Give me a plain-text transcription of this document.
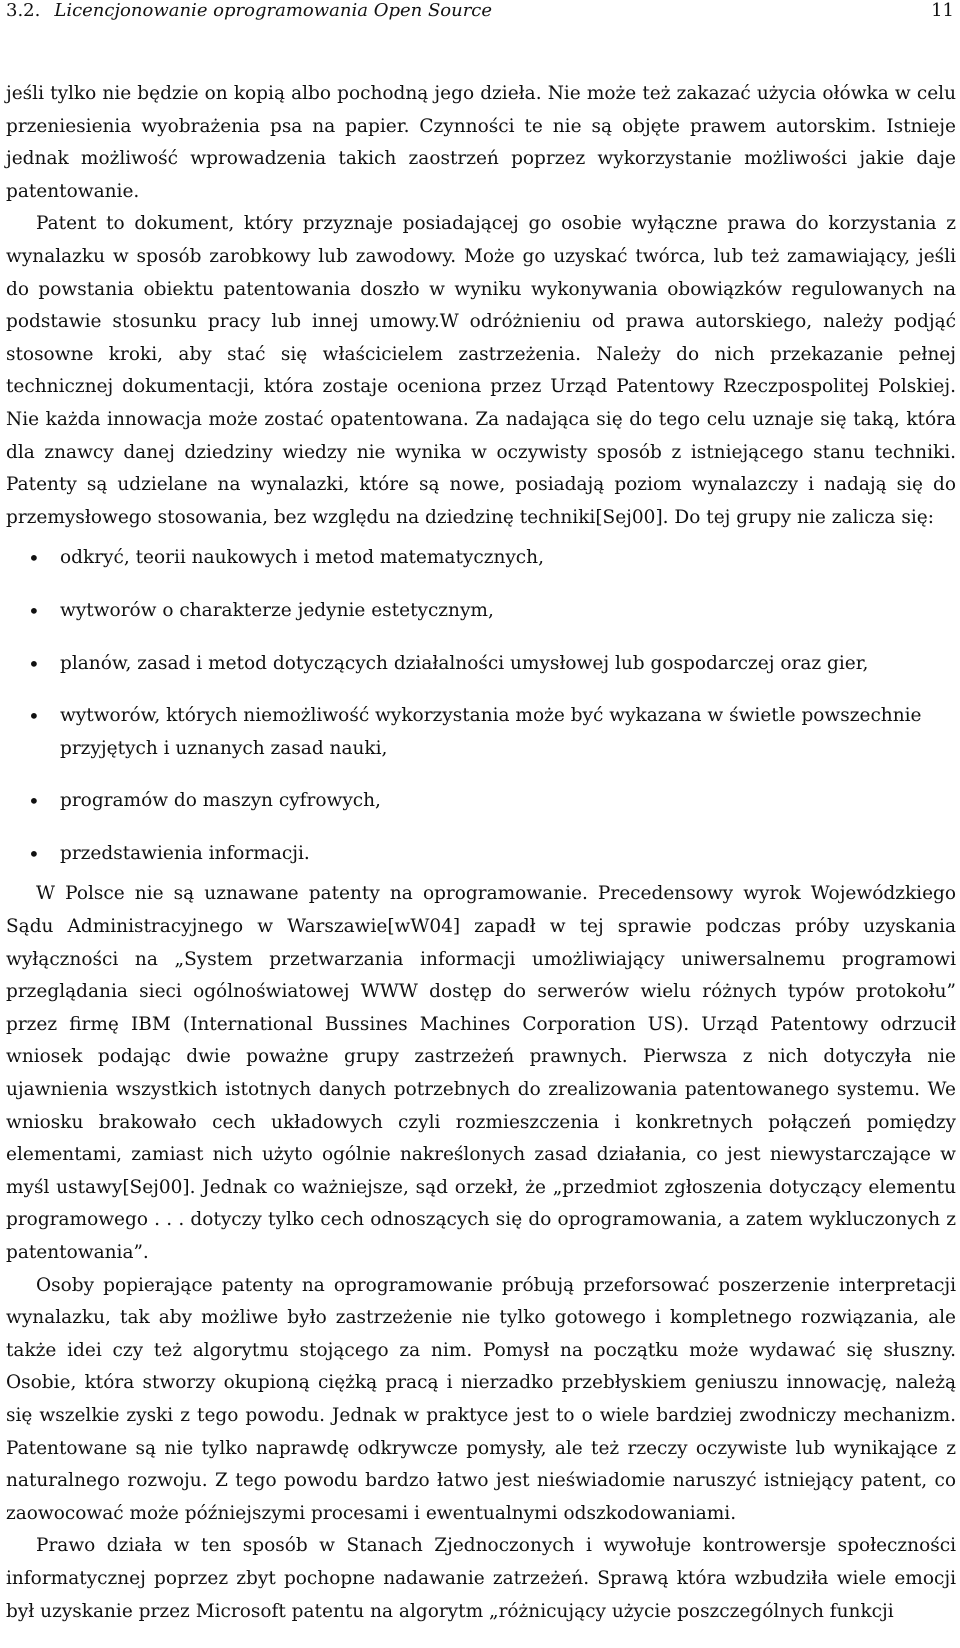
3.2. Licencjonowanie oprogramowania Open Source	11

jeśli tylko nie będzie on kopią albo pochodną jego dzieła. Nie może też zakazać użycia ołówka w celu przeniesienia wyobrażenia psa na papier. Czynności te nie są objęte prawem autorskim. Istnieje jednak możliwość wprowadzenia takich zaostrzeń poprzez wykorzystanie możliwości jakie daje patentowanie.

Patent to dokument, który przyznaje posiadającej go osobie wyłączne prawa do korzystania z wynalazku w sposób zarobkowy lub zawodowy. Może go uzyskać twórca, lub też zamawiający, jeśli do powstania obiektu patentowania doszło w wyniku wykonywania obowiązków regulowanych na podstawie stosunku pracy lub innej umowy.W odróżnieniu od prawa autorskiego, należy podjąć stosowne kroki, aby stać się właścicielem zastrzeżenia. Należy do nich przekazanie pełnej technicznej dokumentacji, która zostaje oceniona przez Urząd Patentowy Rzeczpospolitej Polskiej. Nie każda innowacja może zostać opatentowana. Za nadająca się do tego celu uznaje się taką, która dla znawcy danej dziedziny wiedzy nie wynika w oczywisty sposób z istniejącego stanu techniki. Patenty są udzielane na wynalazki, które są nowe, posiadają poziom wynalazczy i nadają się do przemysłowego stosowania, bez względu na dziedzinę techniki[Sej00]. Do tej grupy nie zalicza się:

• odkryć, teorii naukowych i metod matematycznych,
• wytworów o charakterze jedynie estetycznym,
• planów, zasad i metod dotyczących działalności umysłowej lub gospodarczej oraz gier,
• wytworów, których niemożliwość wykorzystania może być wykazana w świetle powszechnie przyjętych i uznanych zasad nauki,
• programów do maszyn cyfrowych,
• przedstawienia informacji.

W Polsce nie są uznawane patenty na oprogramowanie. Precedensowy wyrok Wojewódzkiego Sądu Administracyjnego w Warszawie[wW04] zapadł w tej sprawie podczas próby uzyskania wyłączności na „System przetwarzania informacji umożliwiający uniwersalnemu programowi przeglądania sieci ogólnoświatowej WWW dostęp do serwerów wielu różnych typów protokołu” przez firmę IBM (International Bussines Machines Corporation US). Urząd Patentowy odrzucił wniosek podając dwie poważne grupy zastrzeżeń prawnych. Pierwsza z nich dotyczyła nie ujawnienia wszystkich istotnych danych potrzebnych do zrealizowania patentowanego systemu. We wniosku brakowało cech układowych czyli rozmieszczenia i konkretnych połączeń pomiędzy elementami, zamiast nich użyto ogólnie nakreślonych zasad działania, co jest niewystarczające w myśl ustawy[Sej00]. Jednak co ważniejsze, sąd orzekł, że „przedmiot zgłoszenia dotyczący elementu programowego . . . dotyczy tylko cech odnoszących się do oprogramowania, a zatem wykluczonych z patentowania”.

Osoby popierające patenty na oprogramowanie próbują przeforsować poszerzenie interpretacji wynalazku, tak aby możliwe było zastrzeżenie nie tylko gotowego i kompletnego rozwiązania, ale także idei czy też algorytmu stojącego za nim. Pomysł na początku może wydawać się słuszny. Osobie, która stworzy okupioną ciężką pracą i nierzadko przebłyskiem geniuszu innowację, należą się wszelkie zyski z tego powodu. Jednak w praktyce jest to o wiele bardziej zwodniczy mechanizm. Patentowane są nie tylko naprawdę odkrywcze pomysły, ale też rzeczy oczywiste lub wynikające z naturalnego rozwoju. Z tego powodu bardzo łatwo jest nieświadomie naruszyć istniejący patent, co zaowocować może późniejszymi procesami i ewentualnymi odszkodowaniami.

Prawo działa w ten sposób w Stanach Zjednoczonych i wywołuje kontrowersje społeczności informatycznej poprzez zbyt pochopne nadawanie zatrzeżeń. Sprawą która wzbudziła wiele emocji był uzyskanie przez Microsoft patentu na algorytm „różnicujący użycie poszczególnych funkcji
